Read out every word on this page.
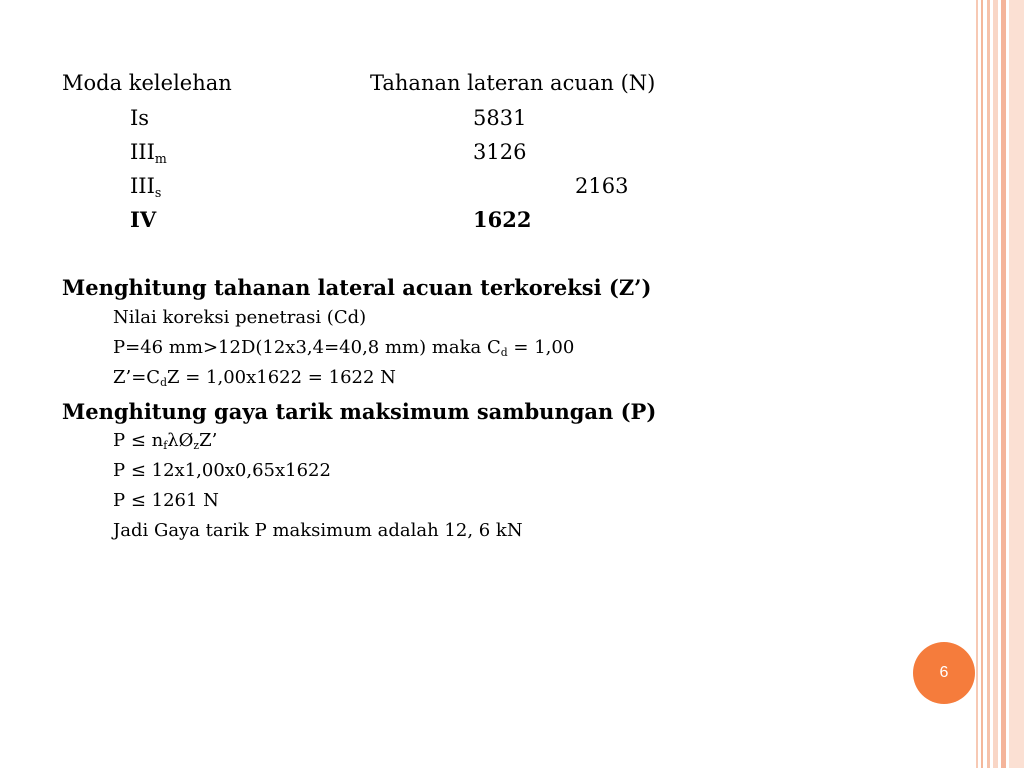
Moda kelelehan	Tahanan lateran acuan (N)
Is	5831
$III_m$	3126
$III_s$	2163
IV	1622
Menghitung tahanan lateral acuan terkoreksi (Z’)
Nilai koreksi penetrasi (Cd)
P=46 mm>12D(12x3,4=40,8 mm) maka $C_d = 1,00$
$Z’=C_dZ = 1,00x1622 = 1622$ N
Menghitung gaya tarik maksimum sambungan (P)
$P \le n_f\lambda Ø_zZ$’
P ≤ 12x1,00x0,65x1622
P ≤ 1261 N
Jadi Gaya tarik P maksimum adalah 12, 6 kN
6
